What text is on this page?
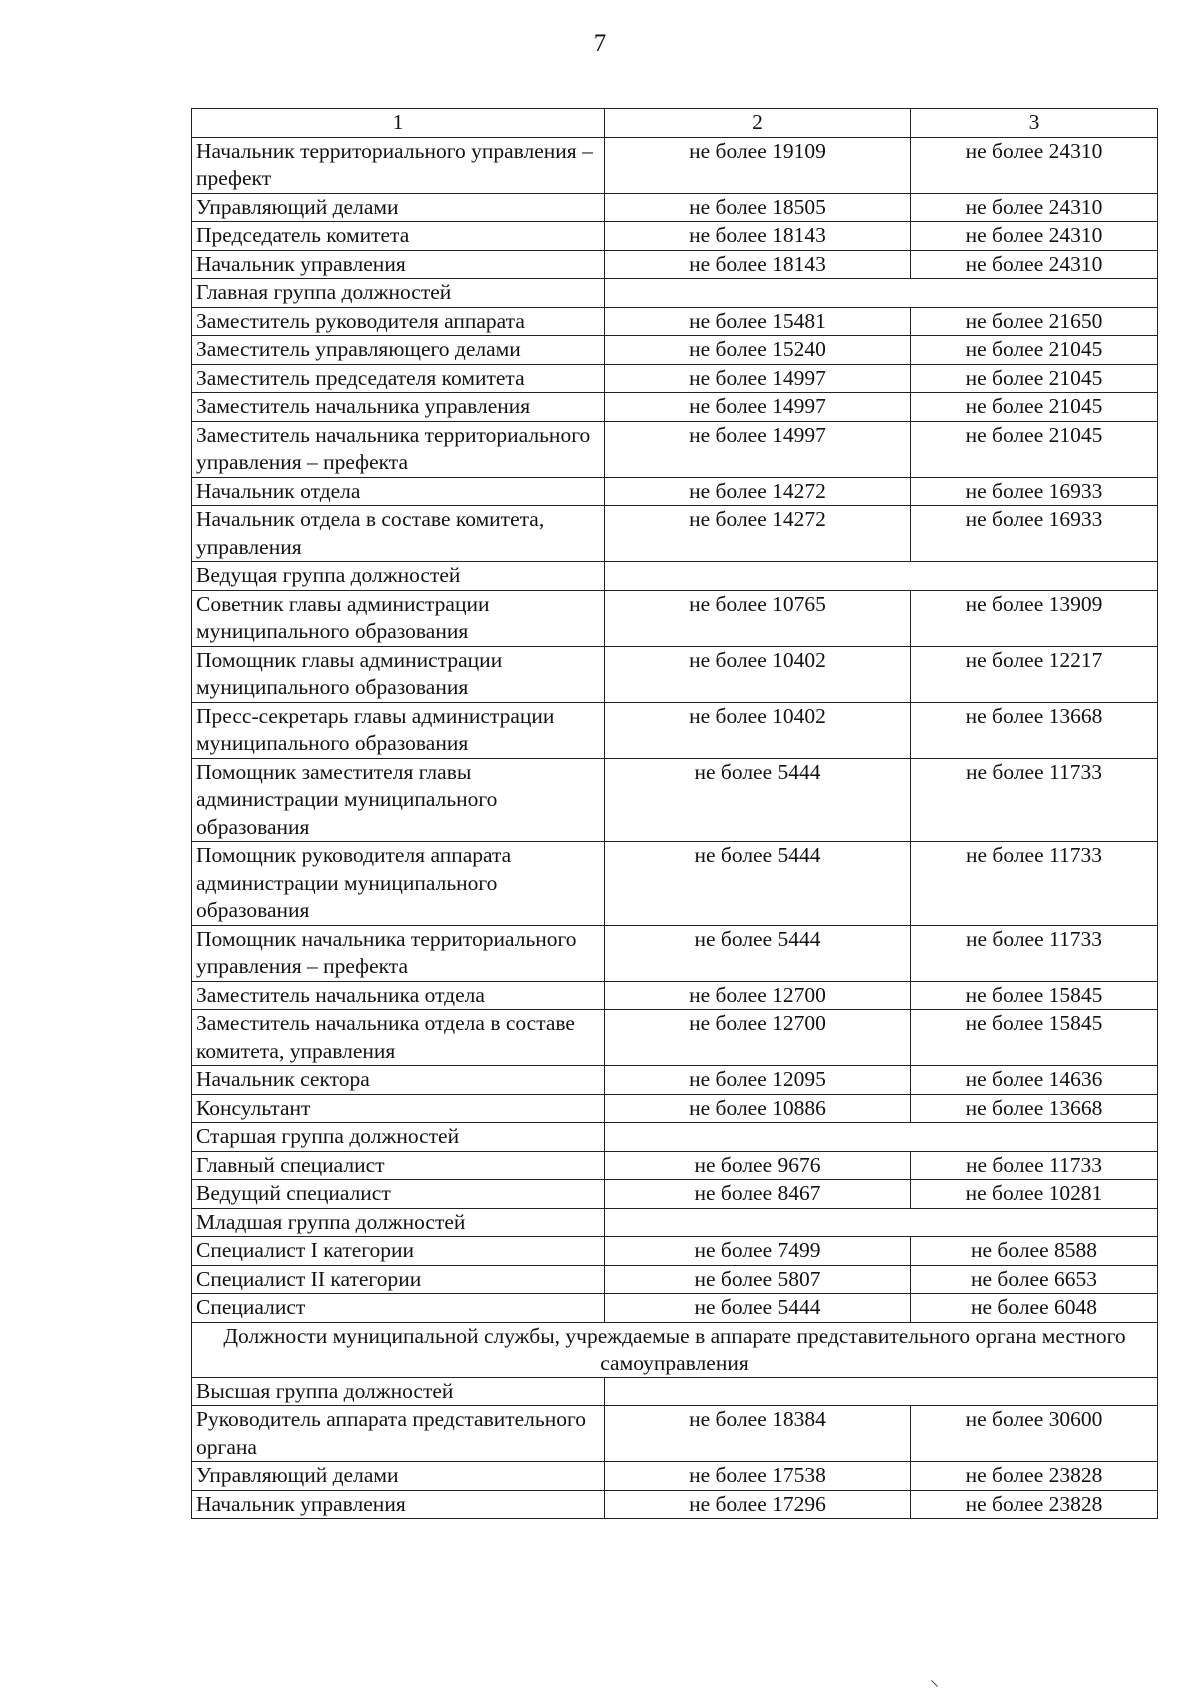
7
1	2	3
Начальник территориального управления – префект	не более 19109	не более 24310
Управляющий делами	не более 18505	не более 24310
Председатель комитета	не более 18143	не более 24310
Начальник управления	не более 18143	не более 24310
Главная группа должностей		
Заместитель руководителя аппарата	не более 15481	не более 21650
Заместитель управляющего делами	не более 15240	не более 21045
Заместитель председателя комитета	не более 14997	не более 21045
Заместитель начальника управления	не более 14997	не более 21045
Заместитель начальника территориального управления – префекта	не более 14997	не более 21045
Начальник отдела	не более 14272	не более 16933
Начальник отдела в составе комитета, управления	не более 14272	не более 16933
Ведущая группа должностей		
Советник главы администрации муниципального образования	не более 10765	не более 13909
Помощник главы администрации муниципального образования	не более 10402	не более 12217
Пресс-секретарь главы администрации муниципального образования	не более 10402	не более 13668
Помощник заместителя главы администрации муниципального образования	не более 5444	не более 11733
Помощник руководителя аппарата администрации муниципального образования	не более 5444	не более 11733
Помощник начальника территориального управления – префекта	не более 5444	не более 11733
Заместитель начальника отдела	не более 12700	не более 15845
Заместитель начальника отдела в составе комитета, управления	не более 12700	не более 15845
Начальник сектора	не более 12095	не более 14636
Консультант	не более 10886	не более 13668
Старшая группа должностей		
Главный специалист	не более 9676	не более 11733
Ведущий специалист	не более 8467	не более 10281
Младшая группа должностей		
Специалист I категории	не более 7499	не более 8588
Специалист II категории	не более 5807	не более 6653
Специалист	не более 5444	не более 6048
Должности муниципальной службы, учреждаемые в аппарате представительного органа местного самоуправления		
Высшая группа должностей		
Руководитель аппарата представительного органа	не более 18384	не более 30600
Управляющий делами	не более 17538	не более 23828
Начальник управления	не более 17296	не более 23828
⸌
